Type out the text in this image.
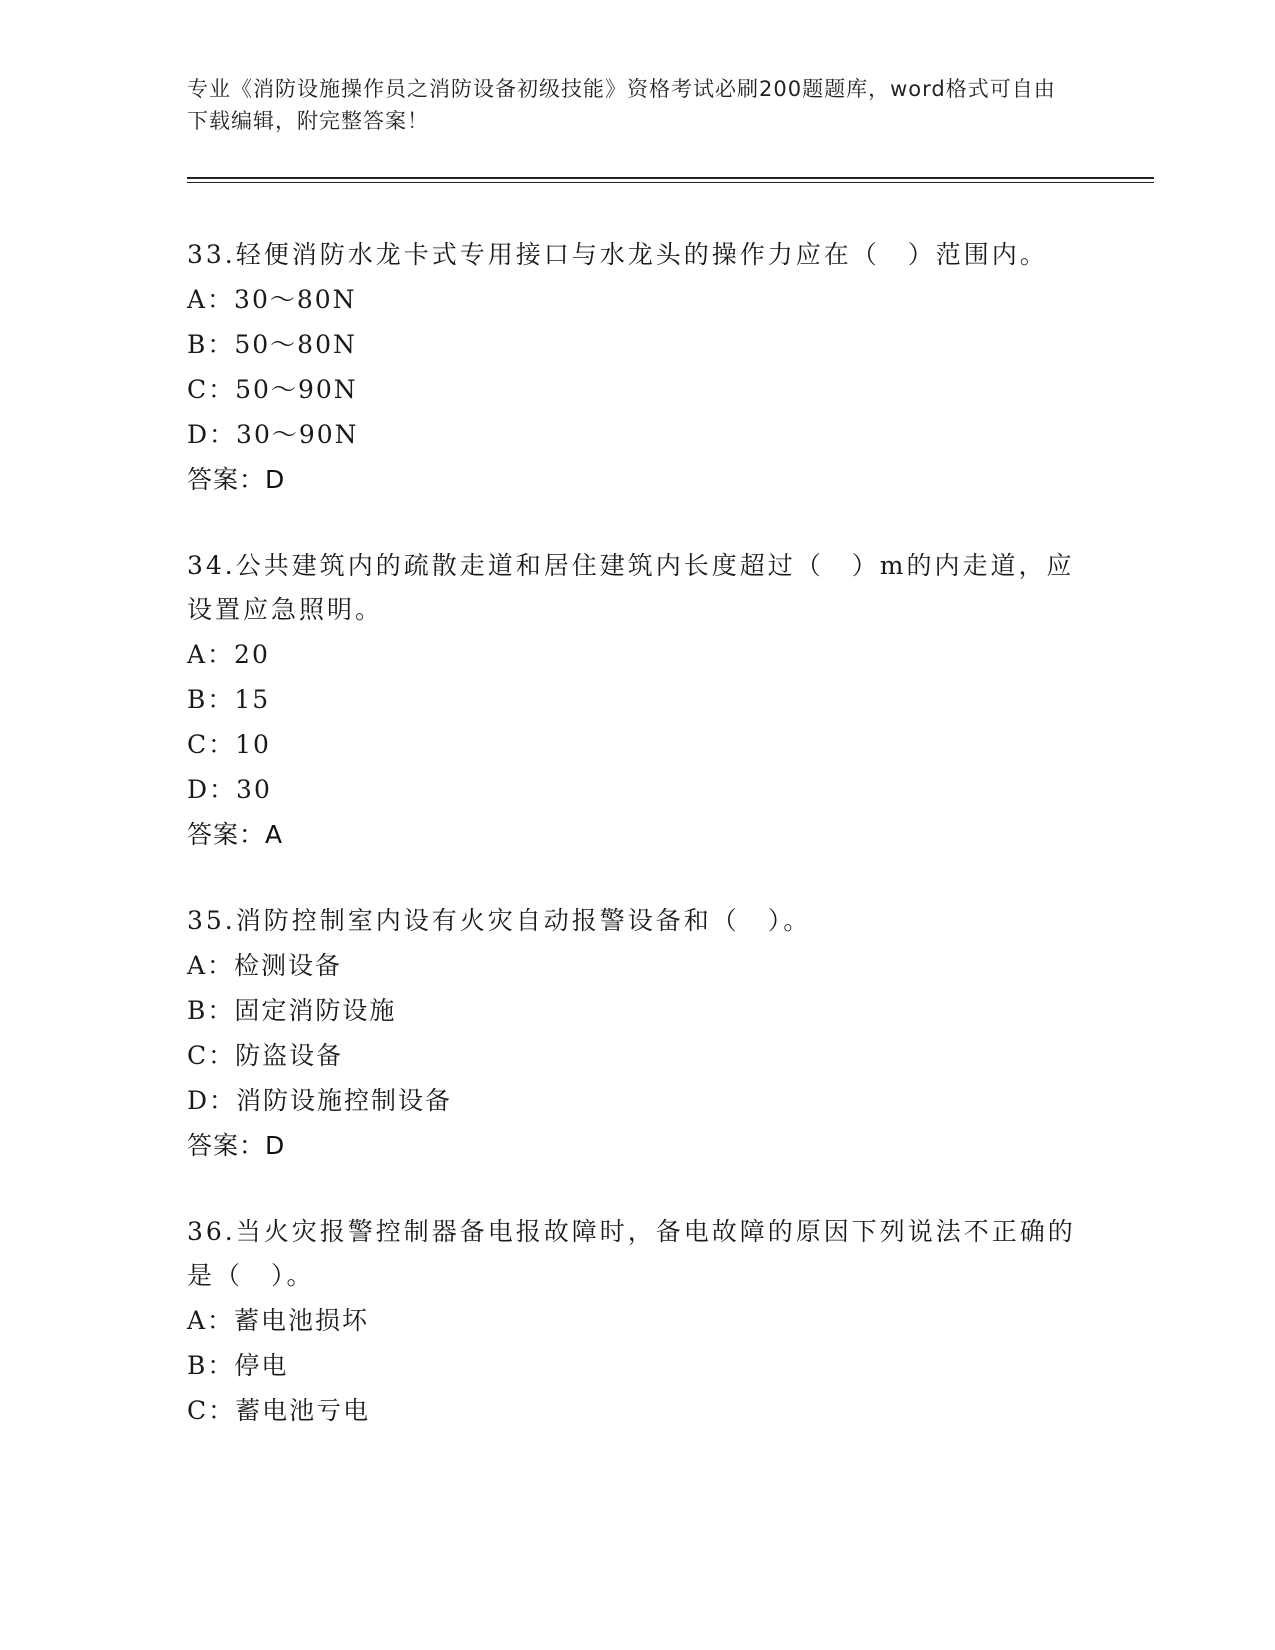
专业《消防设施操作员之消防设备初级技能》资格考试必刷200题题库，word格式可自由下载编辑，附完整答案！
33.轻便消防水龙卡式专用接口与水龙头的操作力应在（　）范围内。
A：30～80N
B：50～80N
C：50～90N
D：30～90N
答案：D
34.公共建筑内的疏散走道和居住建筑内长度超过（　）m的内走道，应设置应急照明。
A：20
B：15
C：10
D：30
答案：A
35.消防控制室内设有火灾自动报警设备和（　）。
A：检测设备
B：固定消防设施
C：防盗设备
D：消防设施控制设备
答案：D
36.当火灾报警控制器备电报故障时，备电故障的原因下列说法不正确的是（　）。
A：蓄电池损坏
B：停电
C：蓄电池亏电
